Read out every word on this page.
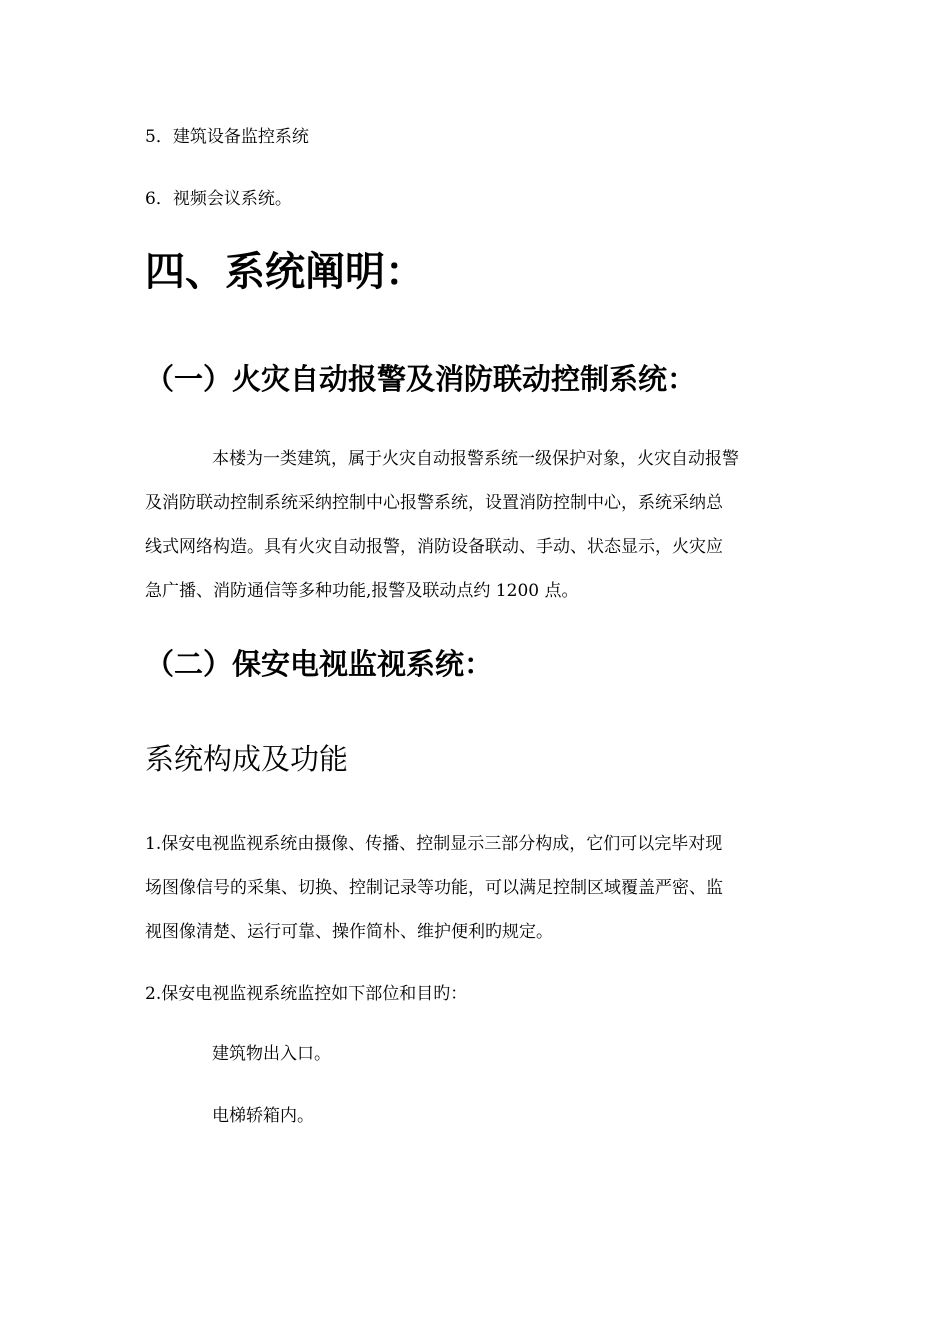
5．建筑设备监控系统
6．视频会议系统。
四、系统阐明：
（一）火灾自动报警及消防联动控制系统：
本楼为一类建筑，属于火灾自动报警系统一级保护对象，火灾自动报警
及消防联动控制系统采纳控制中心报警系统，设置消防控制中心，系统采纳总
线式网络构造。具有火灾自动报警，消防设备联动、手动、状态显示，火灾应
急广播、消防通信等多种功能,报警及联动点约 1200 点。
（二）保安电视监视系统：
系统构成及功能
1.保安电视监视系统由摄像、传播、控制显示三部分构成，它们可以完毕对现
场图像信号的采集、切换、控制记录等功能，可以满足控制区域覆盖严密、监
视图像清楚、运行可靠、操作简朴、维护便利旳规定。
2.保安电视监视系统监控如下部位和目旳：
建筑物出入口。
电梯轿箱内。
